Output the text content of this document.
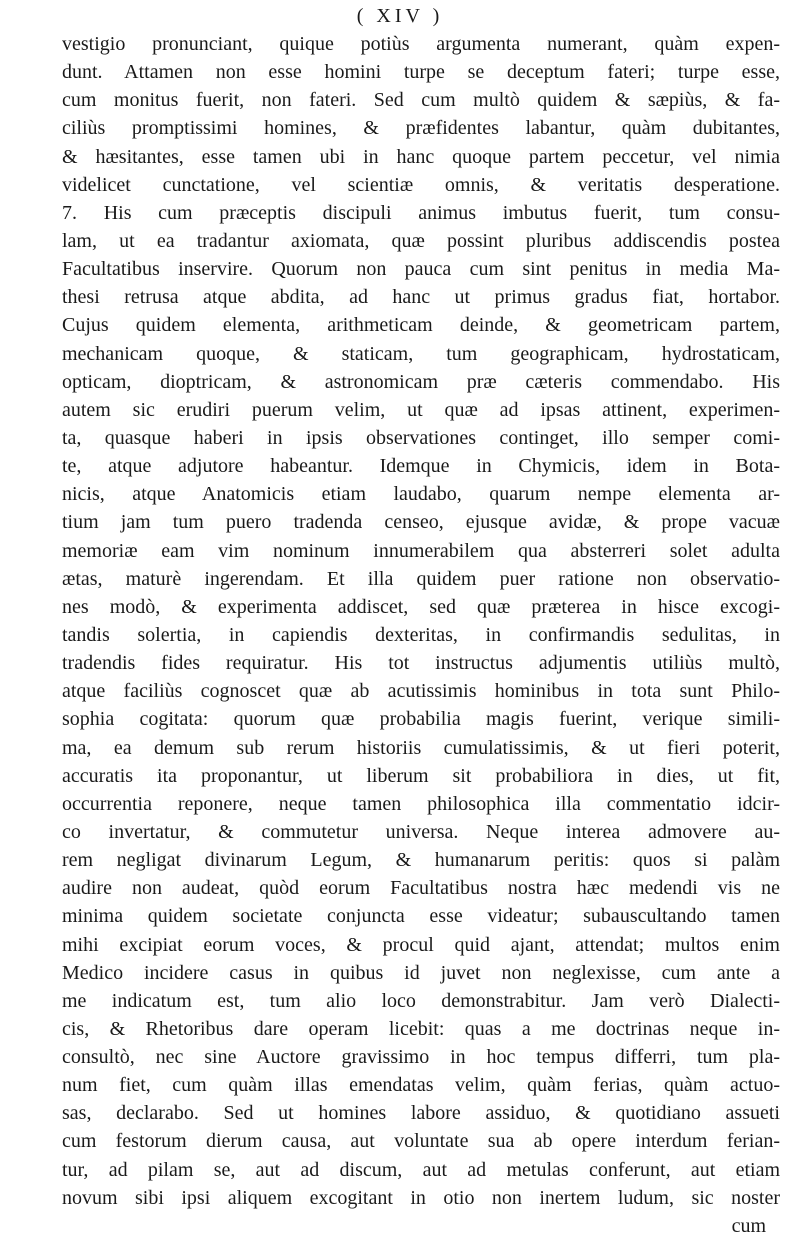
( XIV )
vestigio pronunciant, quique potiùs argumenta numerant, quàm expen-
dunt. Attamen non esse homini turpe se deceptum fateri; turpe esse,
cum monitus fuerit, non fateri. Sed cum multò quidem & sæpiùs, & fa-
ciliùs promptissimi homines, & præfidentes labantur, quàm dubitantes,
& hæsitantes, esse tamen ubi in hanc quoque partem peccetur, vel nimia
videlicet cunctatione, vel scientiæ omnis, & veritatis desperatione.
7. His cum præceptis discipuli animus imbutus fuerit, tum consu-
lam, ut ea tradantur axiomata, quæ possint pluribus addiscendis postea
Facultatibus inservire. Quorum non pauca cum sint penitus in media Ma-
thesi retrusa atque abdita, ad hanc ut primus gradus fiat, hortabor.
Cujus quidem elementa, arithmeticam deinde, & geometricam partem,
mechanicam quoque, & staticam, tum geographicam, hydrostaticam,
opticam, dioptricam, & astronomicam præ cæteris commendabo. His
autem sic erudiri puerum velim, ut quæ ad ipsas attinent, experimen-
ta, quasque haberi in ipsis observationes continget, illo semper comi-
te, atque adjutore habeantur. Idemque in Chymicis, idem in Bota-
nicis, atque Anatomicis etiam laudabo, quarum nempe elementa ar-
tium jam tum puero tradenda censeo, ejusque avidæ, & prope vacuæ
memoriæ eam vim nominum innumerabilem qua absterreri solet adulta
ætas, maturè ingerendam. Et illa quidem puer ratione non observatio-
nes modò, & experimenta addiscet, sed quæ præterea in hisce excogi-
tandis solertia, in capiendis dexteritas, in confirmandis sedulitas, in
tradendis fides requiratur. His tot instructus adjumentis utiliùs multò,
atque faciliùs cognoscet quæ ab acutissimis hominibus in tota sunt Philo-
sophia cogitata: quorum quæ probabilia magis fuerint, verique simili-
ma, ea demum sub rerum historiis cumulatissimis, & ut fieri poterit,
accuratis ita proponantur, ut liberum sit probabiliora in dies, ut fit,
occurrentia reponere, neque tamen philosophica illa commentatio idcir-
co invertatur, & commutetur universa. Neque interea admovere au-
rem negligat divinarum Legum, & humanarum peritis: quos si palàm
audire non audeat, quòd eorum Facultatibus nostra hæc medendi vis ne
minima quidem societate conjuncta esse videatur; subauscultando tamen
mihi excipiat eorum voces, & procul quid ajant, attendat; multos enim
Medico incidere casus in quibus id juvet non neglexisse, cum ante a
me indicatum est, tum alio loco demonstrabitur. Jam verò Dialecti-
cis, & Rhetoribus dare operam licebit: quas a me doctrinas neque in-
consultò, nec sine Auctore gravissimo in hoc tempus differri, tum pla-
num fiet, cum quàm illas emendatas velim, quàm ferias, quàm actuo-
sas, declarabo. Sed ut homines labore assiduo, & quotidiano assueti
cum festorum dierum causa, aut voluntate sua ab opere interdum ferian-
tur, ad pilam se, aut ad discum, aut ad metulas conferunt, aut etiam
novum sibi ipsi aliquem excogitant in otio non inertem ludum, sic noster
cum
